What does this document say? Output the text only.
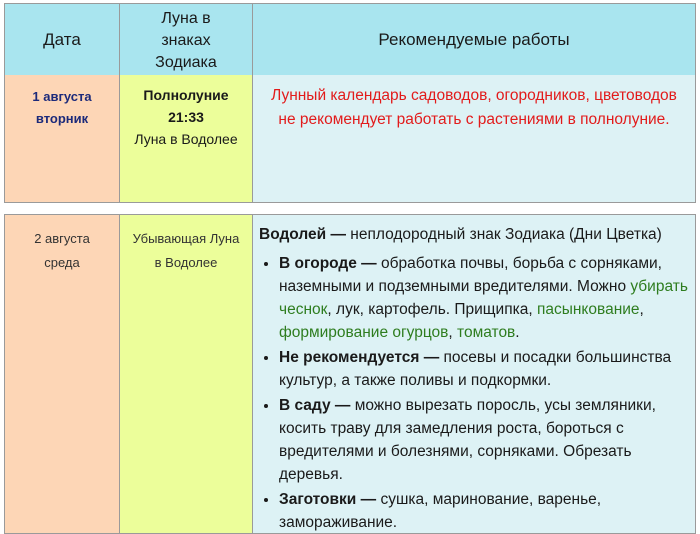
Дата
Луна в знаках Зодиака
Рекомендуемые работы
1 августа
вторник
Полнолуние
21:33
Луна в Водолее
Лунный календарь садоводов, огородников, цветоводов не рекомендует работать с растениями в полнолуние.
2 августа
среда
Убывающая Луна
в Водолее

Водолей — неплодородный знак Зодиака (Дни Цветка)

• В огороде — обработка почвы, борьба с сорняками, наземными и подземными вредителями. Можно убирать чеснок, лук, картофель. Прищипка, пасынкование, формирование огурцов, томатов.
• Не рекомендуется — посевы и посадки большинства культур, а также поливы и подкормки.
• В саду — можно вырезать поросль, усы земляники, косить траву для замедления роста, бороться с вредителями и болезнями, сорняками. Обрезать деревья.
• Заготовки — сушка, маринование, варенье, замораживание.
